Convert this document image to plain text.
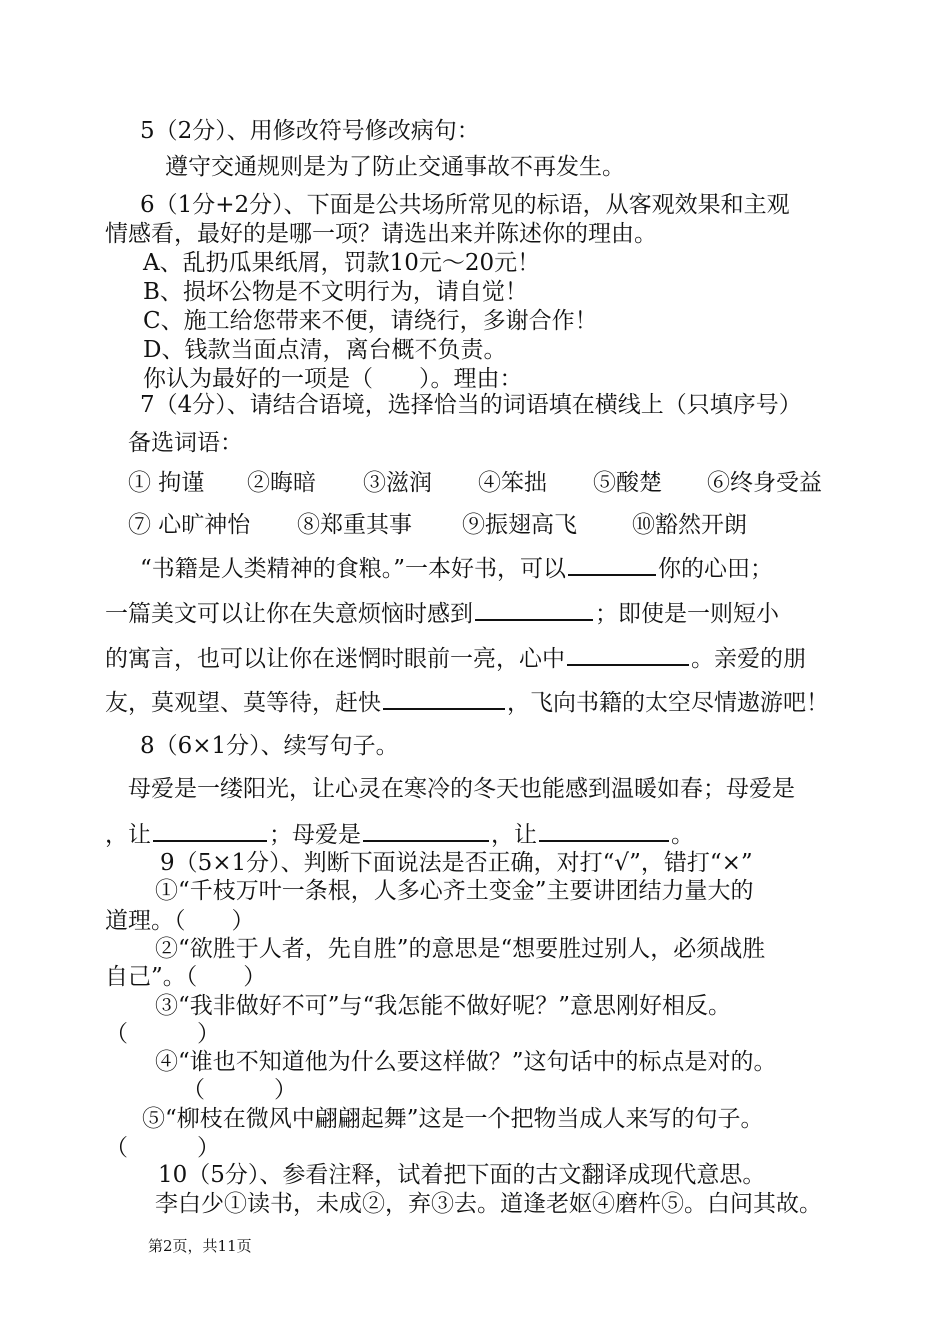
5（2分）、用修改符号修改病句：
遵守交通规则是为了防止交通事故不再发生。
6（1分+2分）、下面是公共场所常见的标语，从客观效果和主观
情感看，最好的是哪一项？请选出来并陈述你的理由。
A、乱扔瓜果纸屑，罚款10元～20元！
B、损坏公物是不文明行为，请自觉！
C、施工给您带来不便，请绕行，多谢合作！
D、钱款当面点清，离台概不负责。
你认为最好的一项是（　　）。理由：
7（4分）、请结合语境，选择恰当的词语填在横线上（只填序号）
备选词语：
① 拘谨 ②晦暗 ③滋润 ④笨拙 ⑤酸楚 ⑥终身受益
⑦ 心旷神怡 ⑧郑重其事 ⑨振翅高飞 ⑩豁然开朗
“书籍是人类精神的食粮。”一本好书，可以	你的心田；
一篇美文可以让你在失意烦恼时感到	；即使是一则短小
的寓言，也可以让你在迷惘时眼前一亮，心中	。亲爱的朋
友，莫观望、莫等待，赶快	，飞向书籍的太空尽情遨游吧！
8（6×1分）、续写句子。
母爱是一缕阳光，让心灵在寒冷的冬天也能感到温暖如春；母爱是
，让	；母爱是	，让	。
9（5×1分）、判断下面说法是否正确，对打“√”，错打“×”
①“千枝万叶一条根，人多心齐土变金”主要讲团结力量大的
道理。（　　）
②“欲胜于人者，先自胜”的意思是“想要胜过别人，必须战胜
自己”。（　　）
③“我非做好不可”与“我怎能不做好呢？”意思刚好相反。
（　　　）
④“谁也不知道他为什么要这样做？”这句话中的标点是对的。
（　　　）
⑤“柳枝在微风中翩翩起舞”这是一个把物当成人来写的句子。
（　　　）
10（5分）、参看注释，试着把下面的古文翻译成现代意思。
李白少①读书，未成②，弃③去。道逢老妪④磨杵⑤。白问其故。
第2页，共11页
